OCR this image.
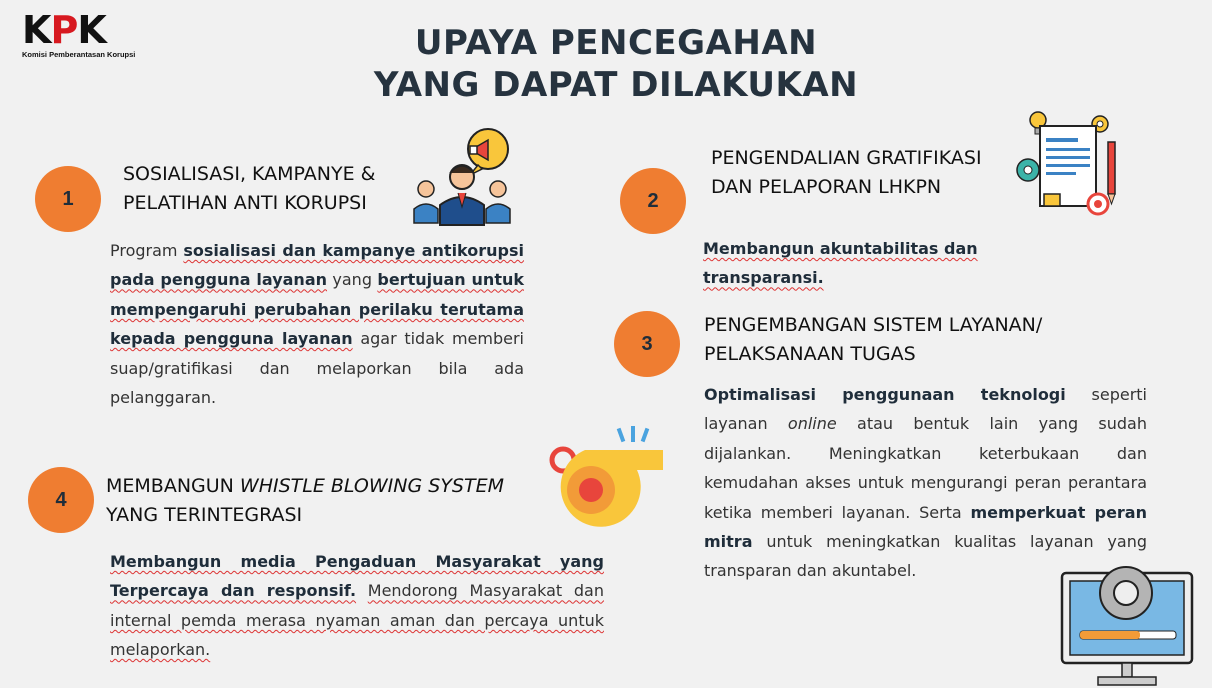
KPK
Komisi Pemberantasan Korupsi	UPAYA PENCEGAHAN
YANG DAPAT DILAKUKAN
1
SOSIALISASI, KAMPANYE &
PELATIHAN ANTI KORUPSI
Program sosialisasi dan kampanye antikorupsi pada pengguna layanan yang bertujuan untuk mempengaruhi perubahan perilaku terutama kepada pengguna layanan agar tidak memberi suap/gratifikasi dan melaporkan bila ada pelanggaran.
2
PENGENDALIAN GRATIFIKASI
DAN PELAPORAN LHKPN
Membangun akuntabilitas dan transparansi.
3
PENGEMBANGAN SISTEM LAYANAN/
PELAKSANAAN TUGAS
Optimalisasi penggunaan teknologi seperti layanan online atau bentuk lain yang sudah dijalankan. Meningkatkan keterbukaan dan kemudahan akses untuk mengurangi peran perantara ketika memberi layanan. Serta memperkuat peran mitra untuk meningkatkan kualitas layanan yang transparan dan akuntabel.
4
MEMBANGUN WHISTLE BLOWING SYSTEM
YANG TERINTEGRASI
Membangun media Pengaduan Masyarakat yang Terpercaya dan responsif. Mendorong Masyarakat dan internal pemda merasa nyaman aman dan percaya untuk melaporkan.
